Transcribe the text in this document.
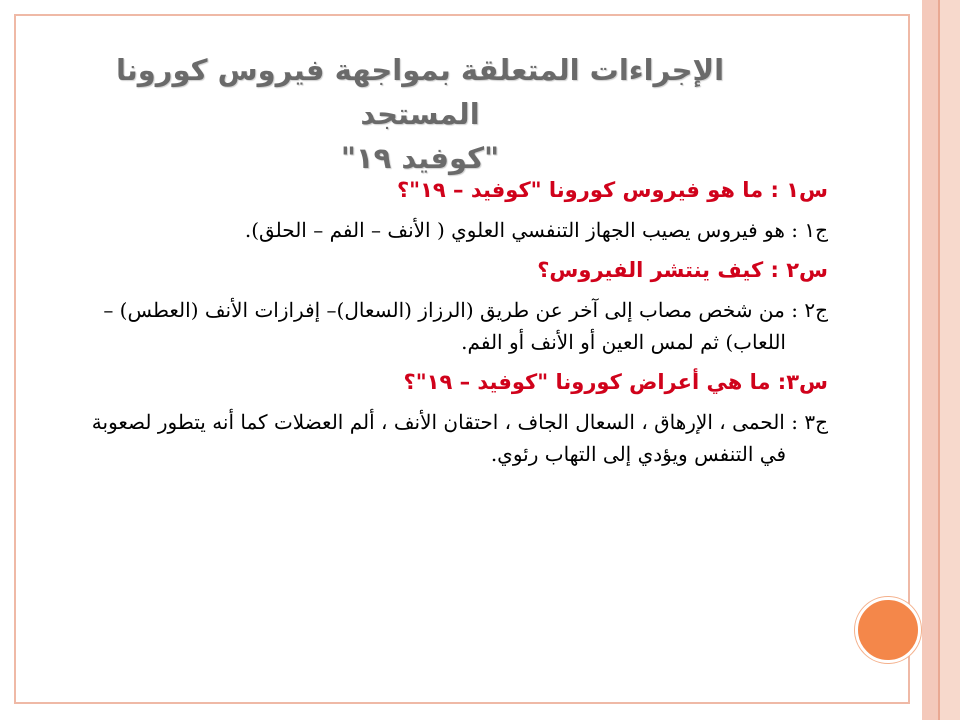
الإجراءات المتعلقة بمواجهة فيروس كورونا المستجد
"كوفيد ١٩"

س١ : ما هو فيروس كورونا "كوفيد – ١٩"؟

ج١ : هو فيروس يصيب الجهاز التنفسي العلوي ( الأنف – الفم – الحلق).

س٢ : كيف ينتشر الفيروس؟

ج٢ : من شخص مصاب إلى آخر عن طريق (الرزاز (السعال)– إفرازات الأنف (العطس) – اللعاب) ثم لمس العين أو الأنف أو الفم.

س٣: ما هي أعراض كورونا "كوفيد – ١٩"؟

ج٣ : الحمى ، الإرهاق ، السعال الجاف ، احتقان الأنف ، ألم العضلات كما أنه يتطور لصعوبة في التنفس ويؤدي إلى التهاب رئوي.
